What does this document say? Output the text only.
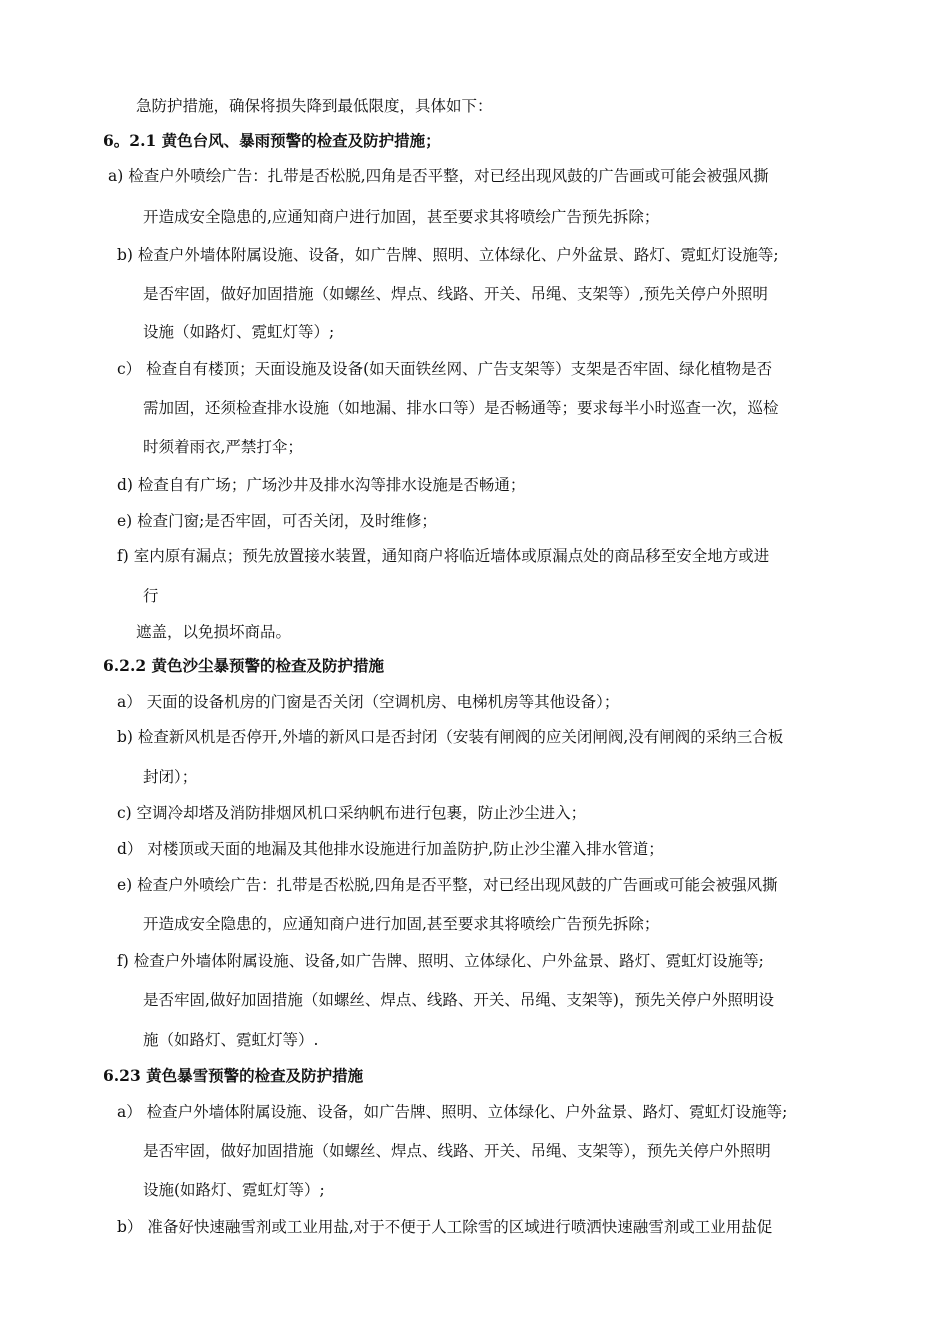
急防护措施，确保将损失降到最低限度，具体如下：
6。2.1 黄色台风、暴雨预警的检查及防护措施；
a) 检查户外喷绘广告：扎带是否松脱,四角是否平整，对已经出现风鼓的广告画或可能会被强风撕
开造成安全隐患的,应通知商户进行加固，甚至要求其将喷绘广告预先拆除；
b) 检查户外墙体附属设施、设备，如广告牌、照明、立体绿化、户外盆景、路灯、霓虹灯设施等;
是否牢固，做好加固措施（如螺丝、焊点、线路、开关、吊绳、支架等）,预先关停户外照明
设施（如路灯、霓虹灯等）;
c） 检查自有楼顶；天面设施及设备(如天面铁丝网、广告支架等）支架是否牢固、绿化植物是否
需加固，还须检查排水设施（如地漏、排水口等）是否畅通等；要求每半小时巡查一次，巡检
时须着雨衣,严禁打伞；
d) 检查自有广场；广场沙井及排水沟等排水设施是否畅通；
e) 检查门窗;是否牢固，可否关闭，及时维修；
f) 室内原有漏点；预先放置接水装置，通知商户将临近墙体或原漏点处的商品移至安全地方或进
行
遮盖，以免损坏商品。
6.2.2 黄色沙尘暴预警的检查及防护措施
a） 天面的设备机房的门窗是否关闭（空调机房、电梯机房等其他设备）；
b) 检查新风机是否停开,外墙的新风口是否封闭（安装有闸阀的应关闭闸阀,没有闸阀的采纳三合板
封闭）；
c) 空调冷却塔及消防排烟风机口采纳帆布进行包裹，防止沙尘进入；
d） 对楼顶或天面的地漏及其他排水设施进行加盖防护,防止沙尘灌入排水管道；
e) 检查户外喷绘广告：扎带是否松脱,四角是否平整，对已经出现风鼓的广告画或可能会被强风撕
开造成安全隐患的，应通知商户进行加固,甚至要求其将喷绘广告预先拆除；
f) 检查户外墙体附属设施、设备,如广告牌、照明、立体绿化、户外盆景、路灯、霓虹灯设施等;
是否牢固,做好加固措施（如螺丝、焊点、线路、开关、吊绳、支架等)，预先关停户外照明设
施（如路灯、霓虹灯等）.
6.23 黄色暴雪预警的检查及防护措施
a） 检查户外墙体附属设施、设备，如广告牌、照明、立体绿化、户外盆景、路灯、霓虹灯设施等;
是否牢固，做好加固措施（如螺丝、焊点、线路、开关、吊绳、支架等），预先关停户外照明
设施(如路灯、霓虹灯等）;
b） 准备好快速融雪剂或工业用盐,对于不便于人工除雪的区域进行喷洒快速融雪剂或工业用盐促
